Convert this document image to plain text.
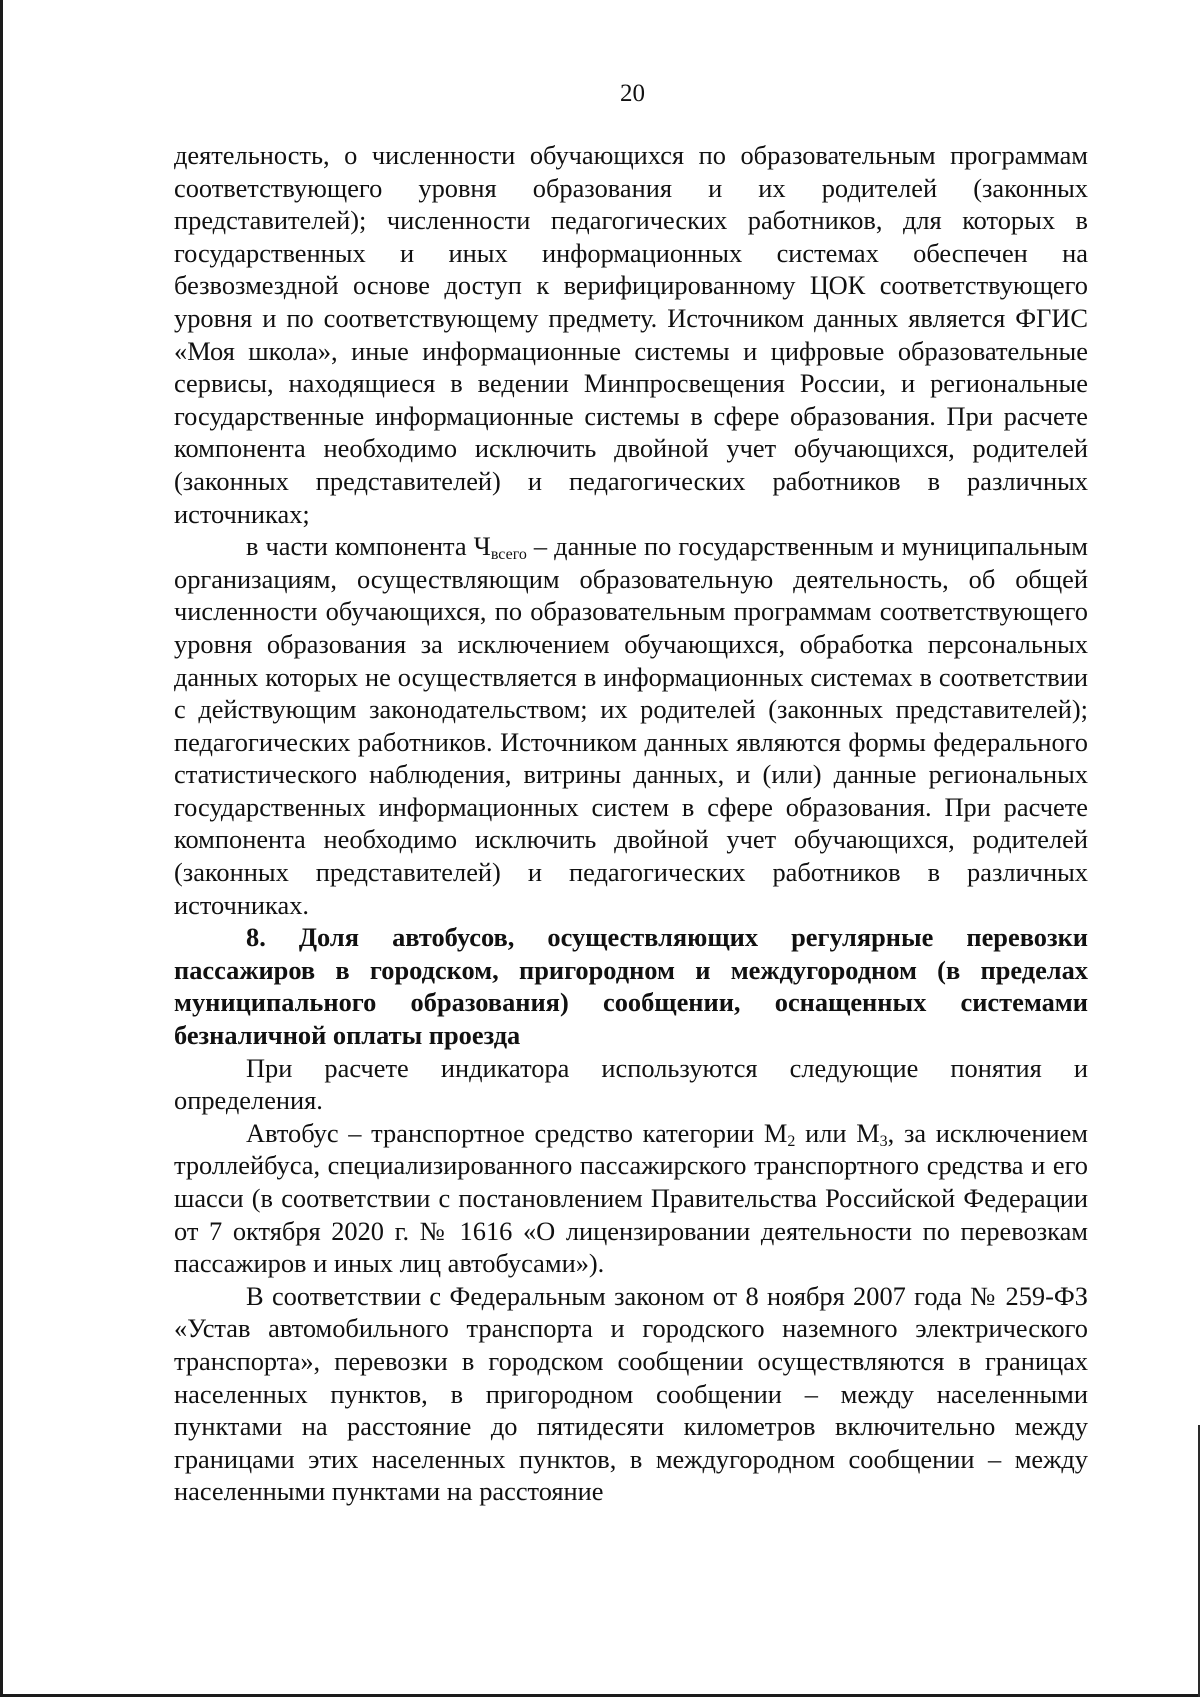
20

деятельность, о численности обучающихся по образовательным программам соответствующего уровня образования и их родителей (законных представителей); численности педагогических работников, для которых в государственных и иных информационных системах обеспечен на безвозмездной основе доступ к верифицированному ЦОК соответствующего уровня и по соответствующему предмету. Источником данных является ФГИС «Моя школа», иные информационные системы и цифровые образовательные сервисы, находящиеся в ведении Минпросвещения России, и региональные государственные информационные системы в сфере образования. При расчете компонента необходимо исключить двойной учет обучающихся, родителей (законных представителей) и педагогических работников в различных источниках;

в части компонента $Ч_{всего}$ – данные по государственным и муниципальным организациям, осуществляющим образовательную деятельность, об общей численности обучающихся, по образовательным программам соответствующего уровня образования за исключением обучающихся, обработка персональных данных которых не осуществляется в информационных системах в соответствии с действующим законодательством; их родителей (законных представителей); педагогических работников. Источником данных являются формы федерального статистического наблюдения, витрины данных, и (или) данные региональных государственных информационных систем в сфере образования. При расчете компонента необходимо исключить двойной учет обучающихся, родителей (законных представителей) и педагогических работников в различных источниках.

8. Доля автобусов, осуществляющих регулярные перевозки пассажиров в городском, пригородном и междугородном (в пределах муниципального образования) сообщении, оснащенных системами безналичной оплаты проезда

При расчете индикатора используются следующие понятия и определения.

Автобус – транспортное средство категории $М_2$ или $М_3$, за исключением троллейбуса, специализированного пассажирского транспортного средства и его шасси (в соответствии с постановлением Правительства Российской Федерации от 7 октября 2020 г. № 1616 «О лицензировании деятельности по перевозкам пассажиров и иных лиц автобусами»).

В соответствии с Федеральным законом от 8 ноября 2007 года № 259-ФЗ «Устав автомобильного транспорта и городского наземного электрического транспорта», перевозки в городском сообщении осуществляются в границах населенных пунктов, в пригородном сообщении – между населенными пунктами на расстояние до пятидесяти километров включительно между границами этих населенных пунктов, в междугородном сообщении – между населенными пунктами на расстояние
